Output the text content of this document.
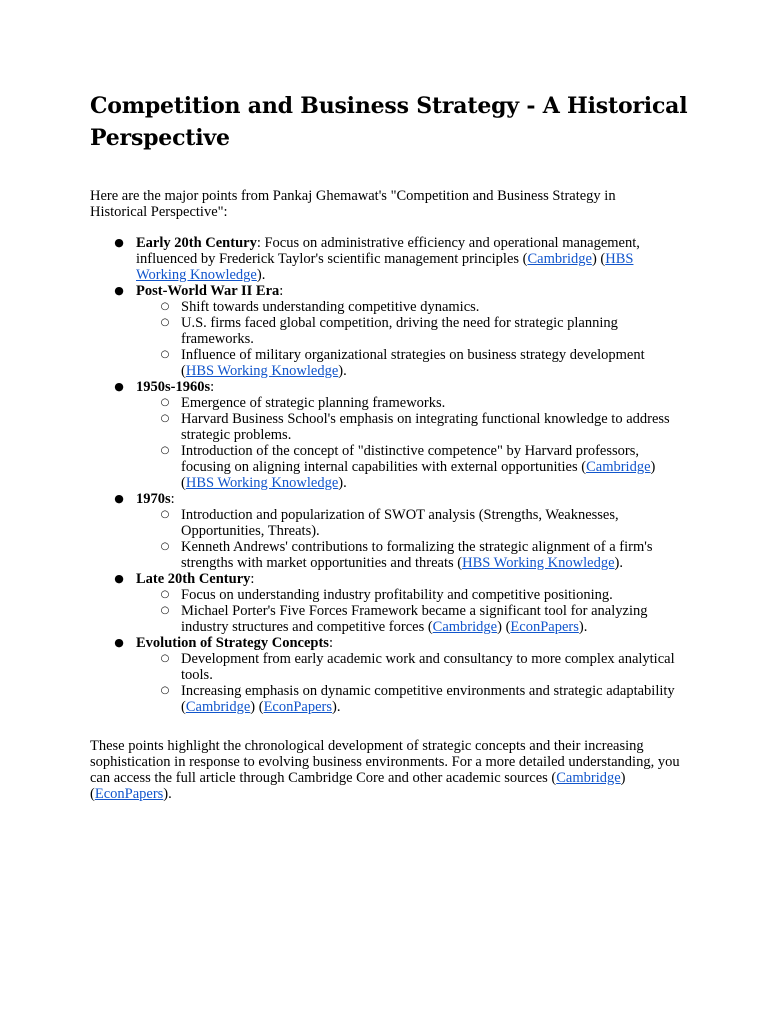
Competition and Business Strategy - A Historical Perspective

Here are the major points from Pankaj Ghemawat's "Competition and Business Strategy in Historical Perspective":

● Early 20th Century: Focus on administrative efficiency and operational management, influenced by Frederick Taylor's scientific management principles (Cambridge) (HBS Working Knowledge).
● Post-World War II Era:
○ Shift towards understanding competitive dynamics.
○ U.S. firms faced global competition, driving the need for strategic planning frameworks.
○ Influence of military organizational strategies on business strategy development (HBS Working Knowledge).
● 1950s-1960s:
○ Emergence of strategic planning frameworks.
○ Harvard Business School's emphasis on integrating functional knowledge to address strategic problems.
○ Introduction of the concept of "distinctive competence" by Harvard professors, focusing on aligning internal capabilities with external opportunities (Cambridge) (HBS Working Knowledge).
● 1970s:
○ Introduction and popularization of SWOT analysis (Strengths, Weaknesses, Opportunities, Threats).
○ Kenneth Andrews' contributions to formalizing the strategic alignment of a firm's strengths with market opportunities and threats (HBS Working Knowledge).
● Late 20th Century:
○ Focus on understanding industry profitability and competitive positioning.
○ Michael Porter's Five Forces Framework became a significant tool for analyzing industry structures and competitive forces (Cambridge) (EconPapers).
● Evolution of Strategy Concepts:
○ Development from early academic work and consultancy to more complex analytical tools.
○ Increasing emphasis on dynamic competitive environments and strategic adaptability (Cambridge) (EconPapers).

These points highlight the chronological development of strategic concepts and their increasing sophistication in response to evolving business environments. For a more detailed understanding, you can access the full article through Cambridge Core and other academic sources (Cambridge) (EconPapers).
